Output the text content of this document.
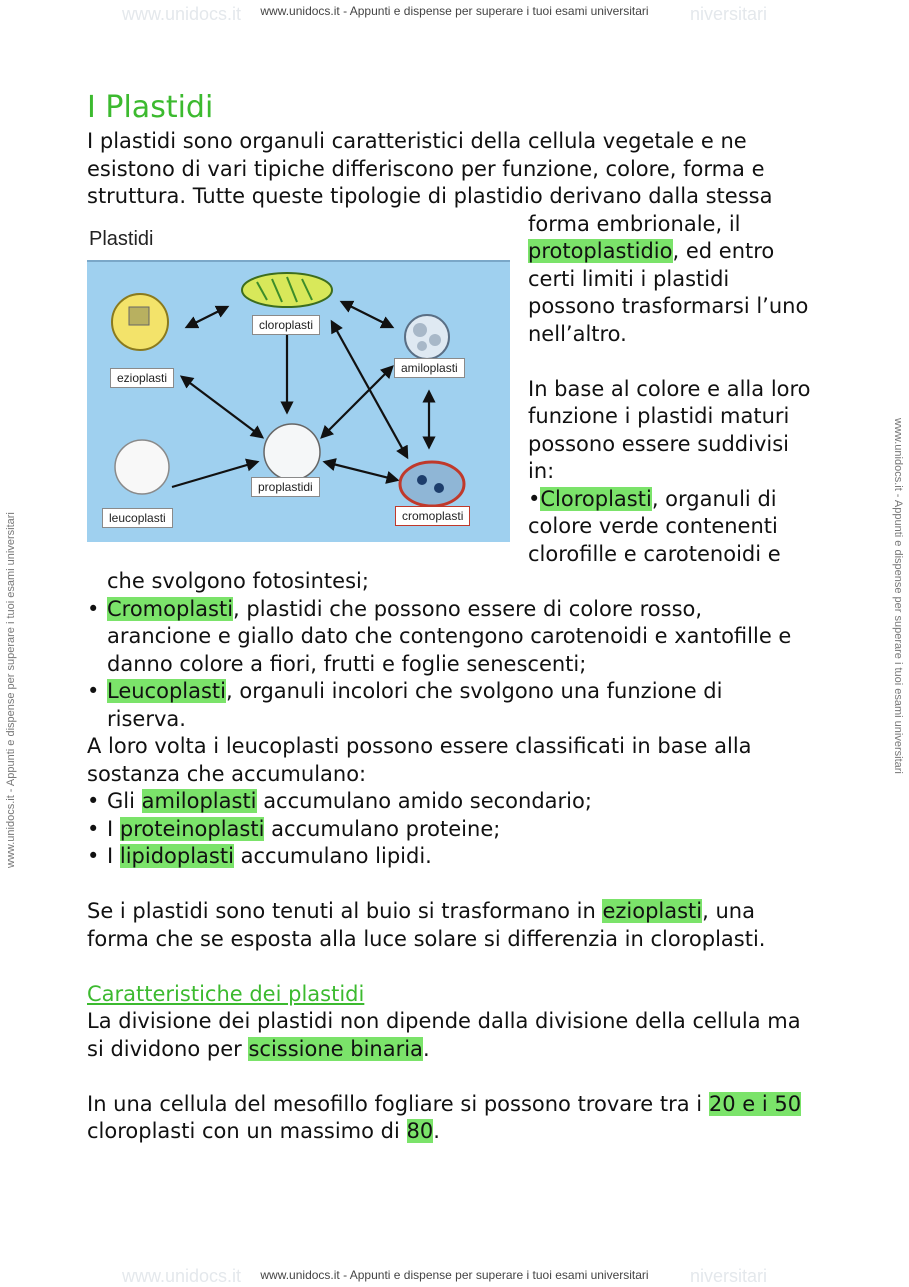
www.unidocs.it - Appunti e dispense per superare i tuoi esami universitari
www.unidocs.it - Appunti e dispense per superare i tuoi esami universitari
www.unidocs.it - Appunti e dispense per superare i tuoi esami universitari	www.unidocs.it - Appunti e dispense per superare i tuoi esami universitari
www.unidocs.it	niversitari
www.unidocs.it	niversitari
I Plastidi
I plastidi sono organuli caratteristici della cellula vegetale e ne
esistono di vari tipiche differiscono per funzione, colore, forma e
struttura. Tutte queste tipologie di plastidio derivano dalla stessa
Plastidi
cloroplasti
ezioplasti
amiloplasti
proplastidi
leucoplasti	cromoplasti
forma embrionale, il
protoplastidio, ed entro
certi limiti i plastidi
possono trasformarsi l’uno
nell’altro.
In base al colore e alla loro
funzione i plastidi maturi
possono essere suddivisi
in:
•Cloroplasti, organuli di
colore verde contenenti
clorofille e carotenoidi e
che svolgono fotosintesi;
• Cromoplasti, plastidi che possono essere di colore rosso,
arancione e giallo dato che contengono carotenoidi e xantofille e
danno colore a fiori, frutti e foglie senescenti;
• Leucoplasti, organuli incolori che svolgono una funzione di
riserva.
A loro volta i leucoplasti possono essere classificati in base alla
sostanza che accumulano:
• Gli amiloplasti accumulano amido secondario;
• I proteinoplasti accumulano proteine;
• I lipidoplasti accumulano lipidi.
Se i plastidi sono tenuti al buio si trasformano in ezioplasti, una
forma che se esposta alla luce solare si differenzia in cloroplasti.
Caratteristiche dei plastidi
La divisione dei plastidi non dipende dalla divisione della cellula ma
si dividono per scissione binaria.
In una cellula del mesofillo fogliare si possono trovare tra i 20 e i 50
cloroplasti con un massimo di 80.
